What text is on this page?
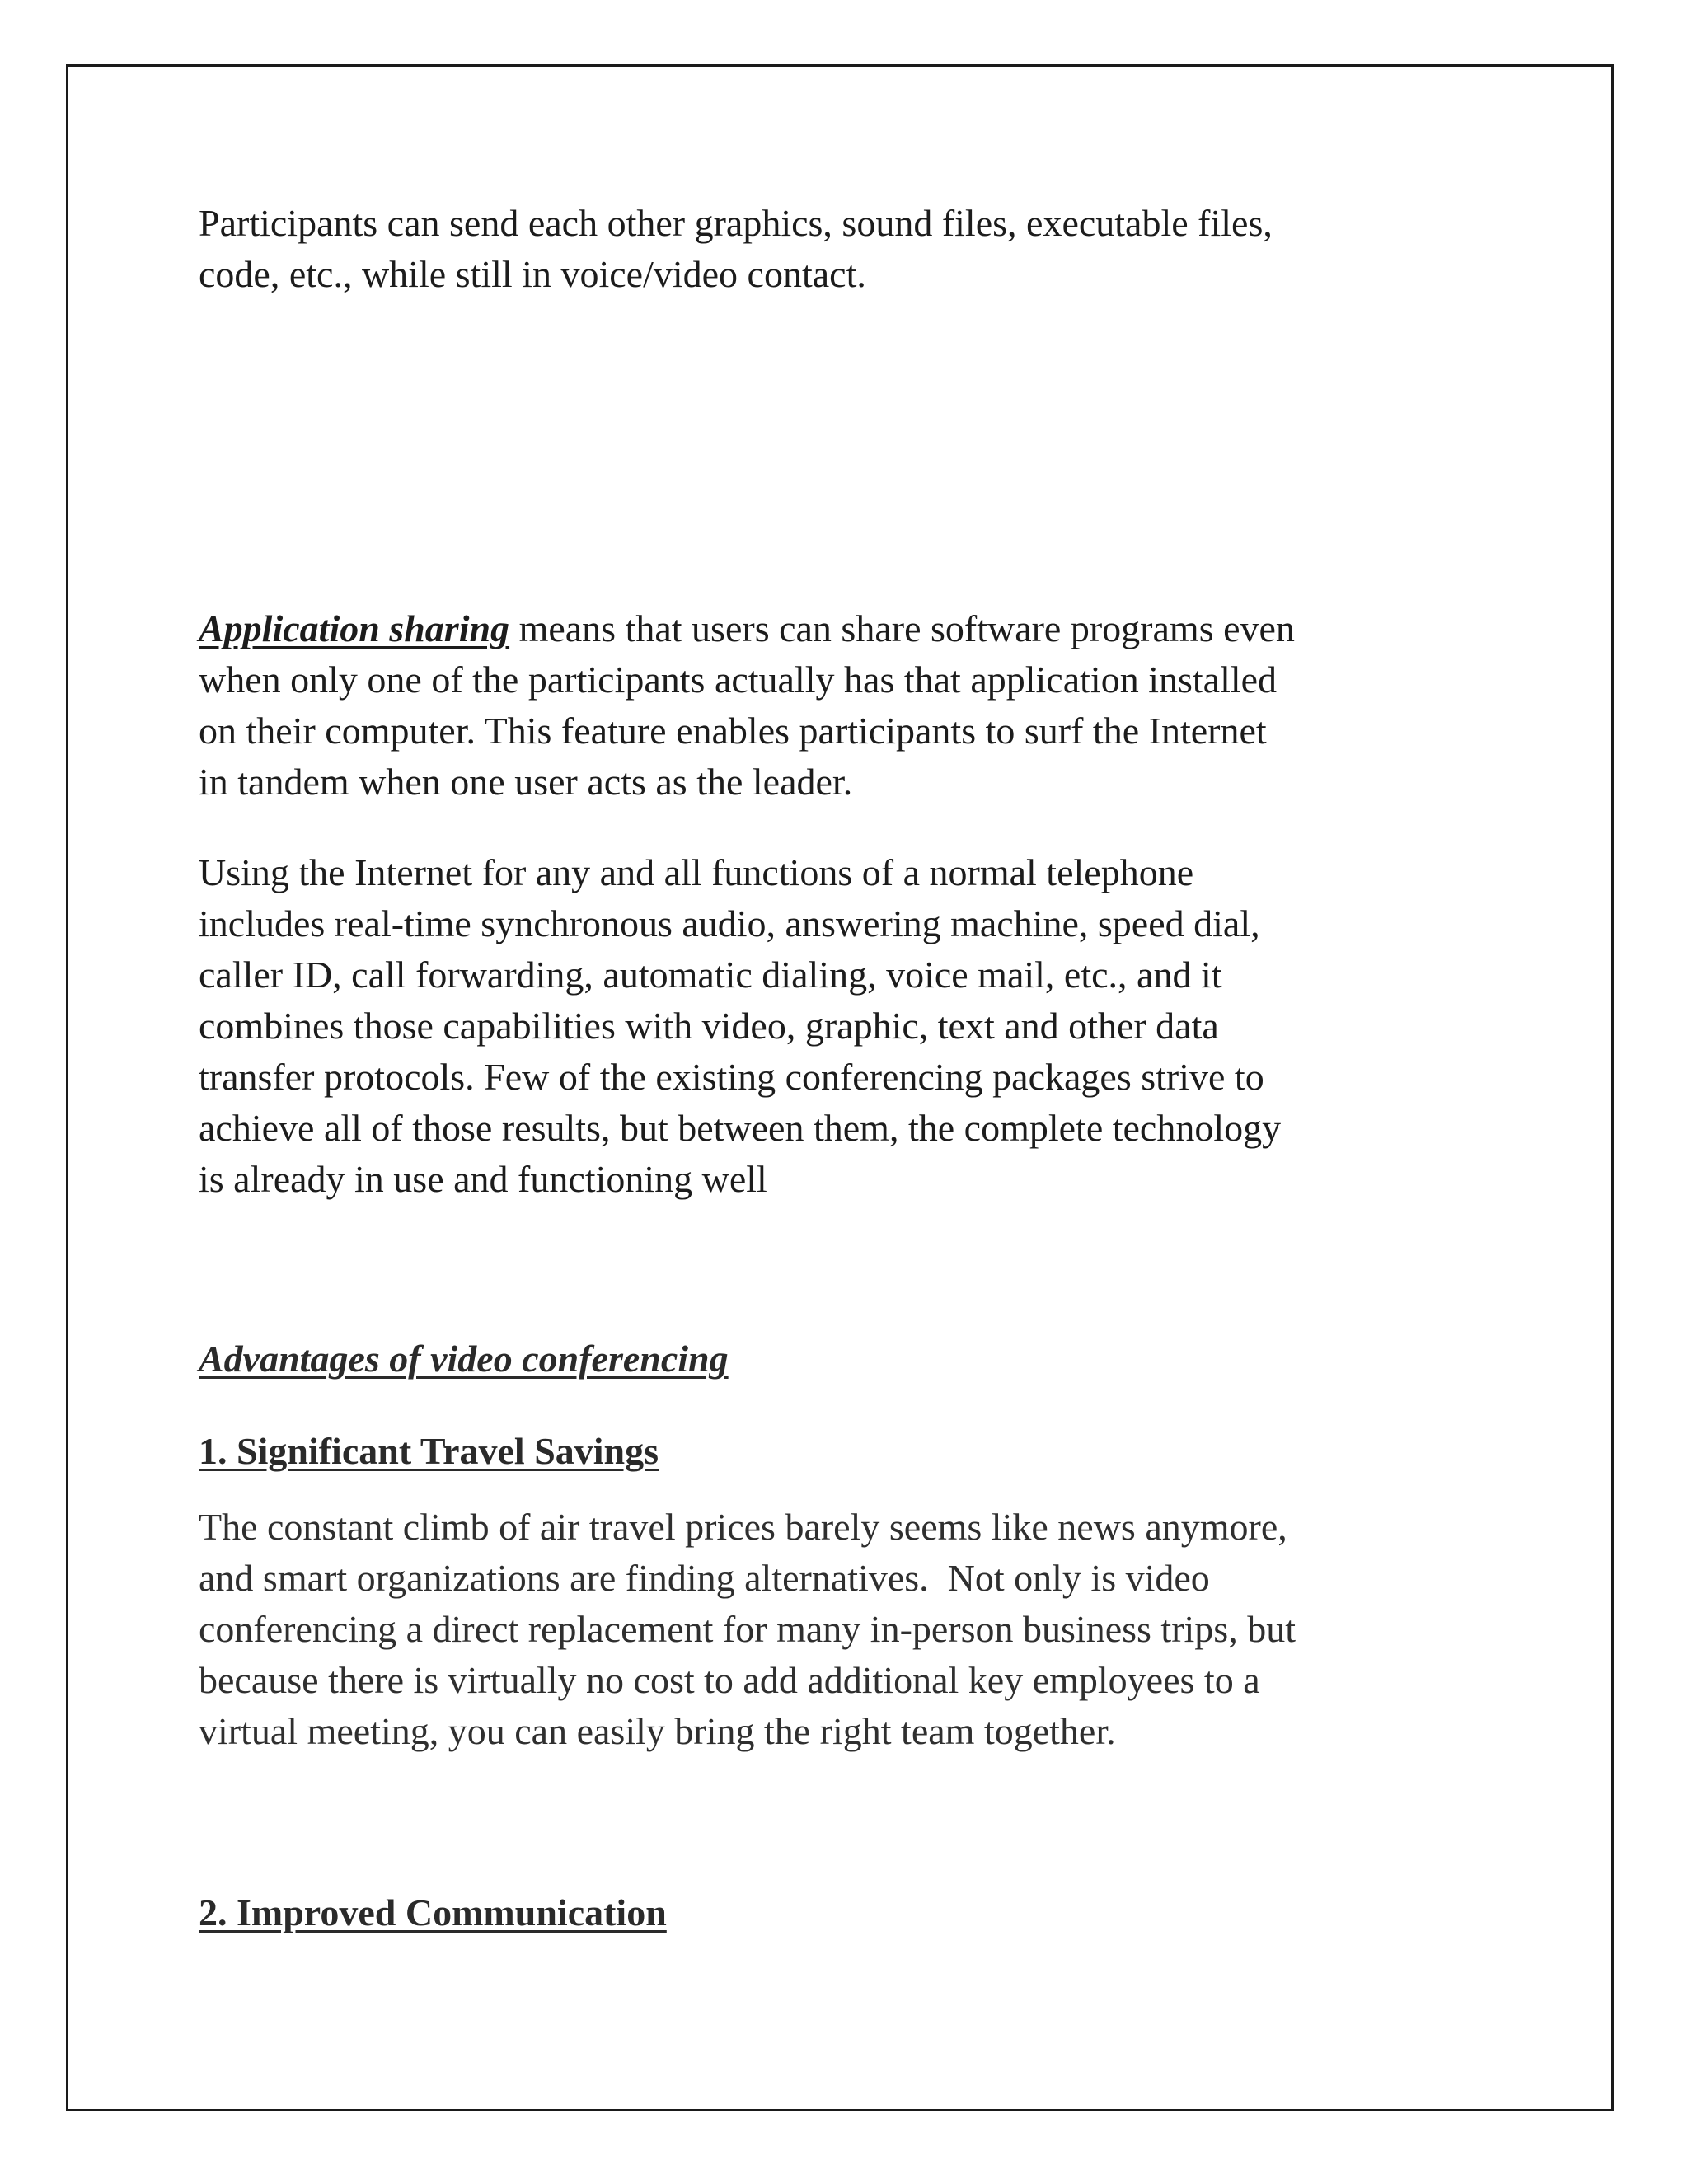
Participants can send each other graphics, sound files, executable files,
code, etc., while still in voice/video contact.

Application sharing means that users can share software programs even
when only one of the participants actually has that application installed
on their computer. This feature enables participants to surf the Internet
in tandem when one user acts as the leader.

Using the Internet for any and all functions of a normal telephone
includes real-time synchronous audio, answering machine, speed dial,
caller ID, call forwarding, automatic dialing, voice mail, etc., and it
combines those capabilities with video, graphic, text and other data
transfer protocols. Few of the existing conferencing packages strive to
achieve all of those results, but between them, the complete technology
is already in use and functioning well

Advantages of video conferencing
1. Significant Travel Savings

The constant climb of air travel prices barely seems like news anymore,
and smart organizations are finding alternatives.  Not only is video
conferencing a direct replacement for many in-person business trips, but
because there is virtually no cost to add additional key employees to a
virtual meeting, you can easily bring the right team together.

2. Improved Communication
